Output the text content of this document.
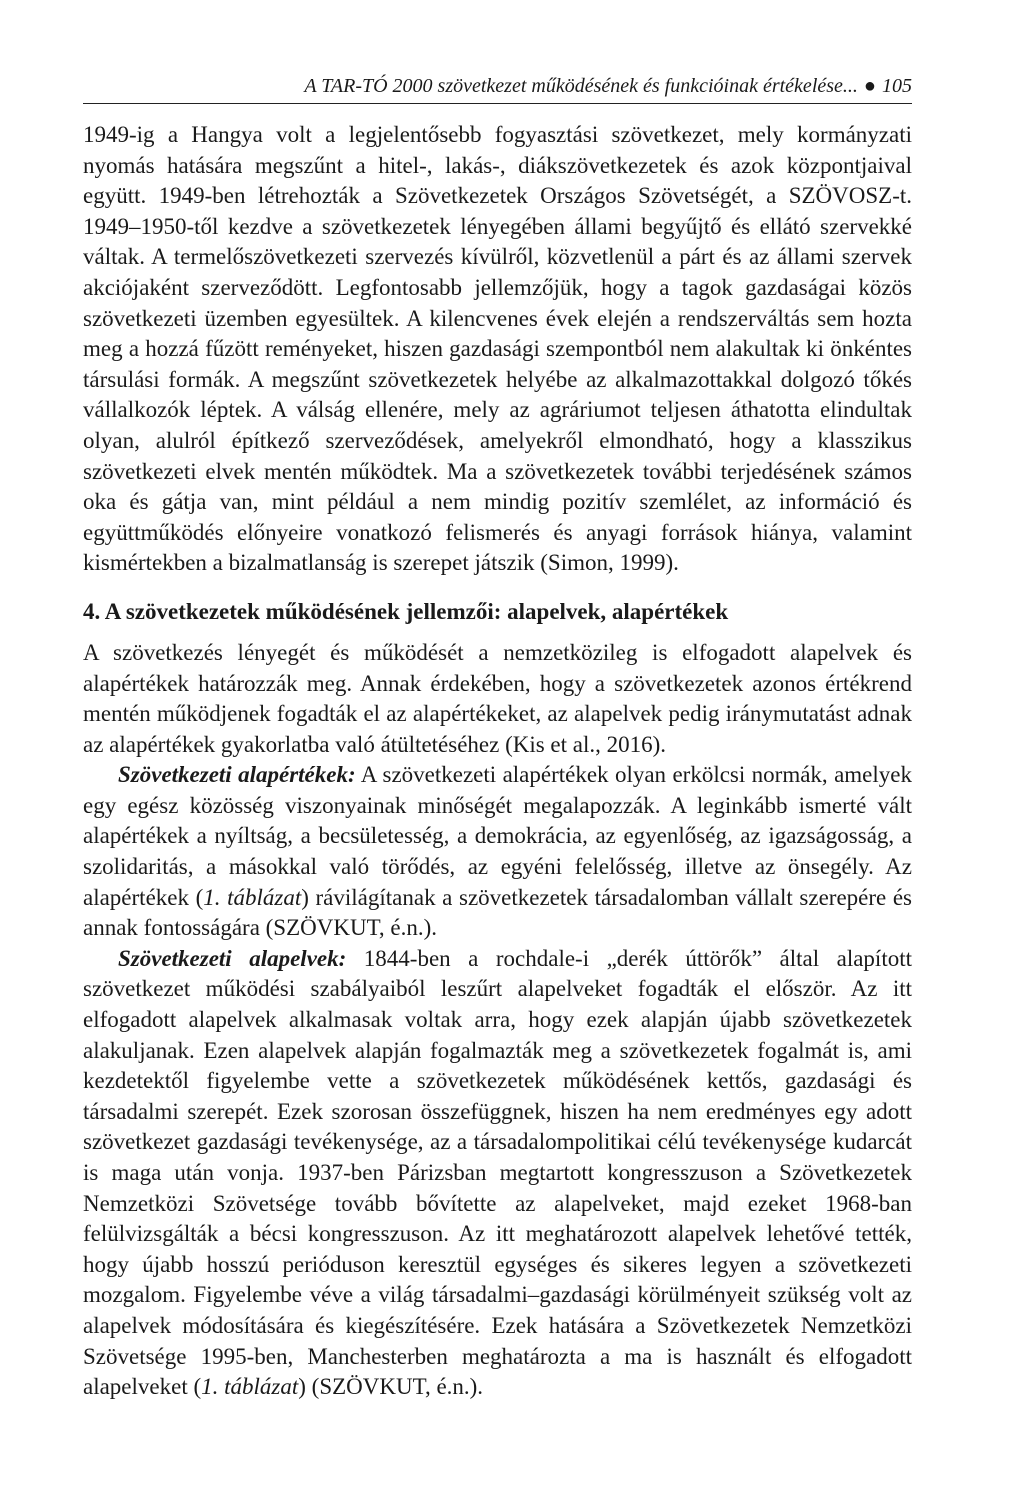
A TAR-TÓ 2000 szövetkezet működésének és funkcióinak értékelése... ● 105

1949-ig a Hangya volt a legjelentősebb fogyasztási szövetkezet, mely kormányzati nyomás hatására megszűnt a hitel-, lakás-, diákszövetkezetek és azok központjaival együtt. 1949-ben létrehozták a Szövetkezetek Országos Szövetségét, a SZÖVOSZ-t. 1949–1950-től kezdve a szövetkezetek lényegében állami begyűjtő és ellátó szervekké váltak. A termelőszövetkezeti szervezés kívülről, közvetlenül a párt és az állami szervek akciójaként szerveződött. Legfontosabb jellemzőjük, hogy a tagok gazdaságai közös szövetkezeti üzemben egyesültek. A kilencvenes évek elején a rendszerváltás sem hozta meg a hozzá fűzött reményeket, hiszen gazdasági szempontból nem alakultak ki önkéntes társulási formák. A megszűnt szövetkezetek helyébe az alkalmazottakkal dolgozó tőkés vállalkozók léptek. A válság ellenére, mely az agráriumot teljesen áthatotta elindultak olyan, alulról építkező szerveződések, amelyekről elmondható, hogy a klasszikus szövetkezeti elvek mentén működtek. Ma a szövetkezetek további terjedésének számos oka és gátja van, mint például a nem mindig pozitív szemlélet, az információ és együttműködés előnyeire vonatkozó felismerés és anyagi források hiánya, valamint kismértekben a bizalmatlanság is szerepet játszik (Simon, 1999).

4. A szövetkezetek működésének jellemzői: alapelvek, alapértékek

A szövetkezés lényegét és működését a nemzetközileg is elfogadott alapelvek és alapértékek határozzák meg. Annak érdekében, hogy a szövetkezetek azonos értékrend mentén működjenek fogadták el az alapértékeket, az alapelvek pedig iránymutatást adnak az alapértékek gyakorlatba való átültetéséhez (Kis et al., 2016).

Szövetkezeti alapértékek: A szövetkezeti alapértékek olyan erkölcsi normák, amelyek egy egész közösség viszonyainak minőségét megalapozzák. A leginkább ismerté vált alapértékek a nyíltság, a becsületesség, a demokrácia, az egyenlőség, az igazságosság, a szolidaritás, a másokkal való törődés, az egyéni felelősség, illetve az önsegély. Az alapértékek (1. táblázat) rávilágítanak a szövetkezetek társadalomban vállalt szerepére és annak fontosságára (SZÖVKUT, é.n.).

Szövetkezeti alapelvek: 1844-ben a rochdale-i „derék úttörők” által alapított szövetkezet működési szabályaiból leszűrt alapelveket fogadták el először. Az itt elfogadott alapelvek alkalmasak voltak arra, hogy ezek alapján újabb szövetkezetek alakuljanak. Ezen alapelvek alapján fogalmazták meg a szövetkezetek fogalmát is, ami kezdetektől figyelembe vette a szövetkezetek működésének kettős, gazdasági és társadalmi szerepét. Ezek szorosan összefüggnek, hiszen ha nem eredményes egy adott szövetkezet gazdasági tevékenysége, az a társadalompolitikai célú tevékenysége kudarcát is maga után vonja. 1937-ben Párizsban megtartott kongresszuson a Szövetkezetek Nemzetközi Szövetsége tovább bővítette az alapelveket, majd ezeket 1968-ban felülvizsgálták a bécsi kongresszuson. Az itt meghatározott alapelvek lehetővé tették, hogy újabb hosszú perióduson keresztül egységes és sikeres legyen a szövetkezeti mozgalom. Figyelembe véve a világ társadalmi–gazdasági körülményeit szükség volt az alapelvek módosítására és kiegészítésére. Ezek hatására a Szövetkezetek Nemzetközi Szövetsége 1995-ben, Manchesterben meghatározta a ma is használt és elfogadott alapelveket (1. táblázat) (SZÖVKUT, é.n.).
